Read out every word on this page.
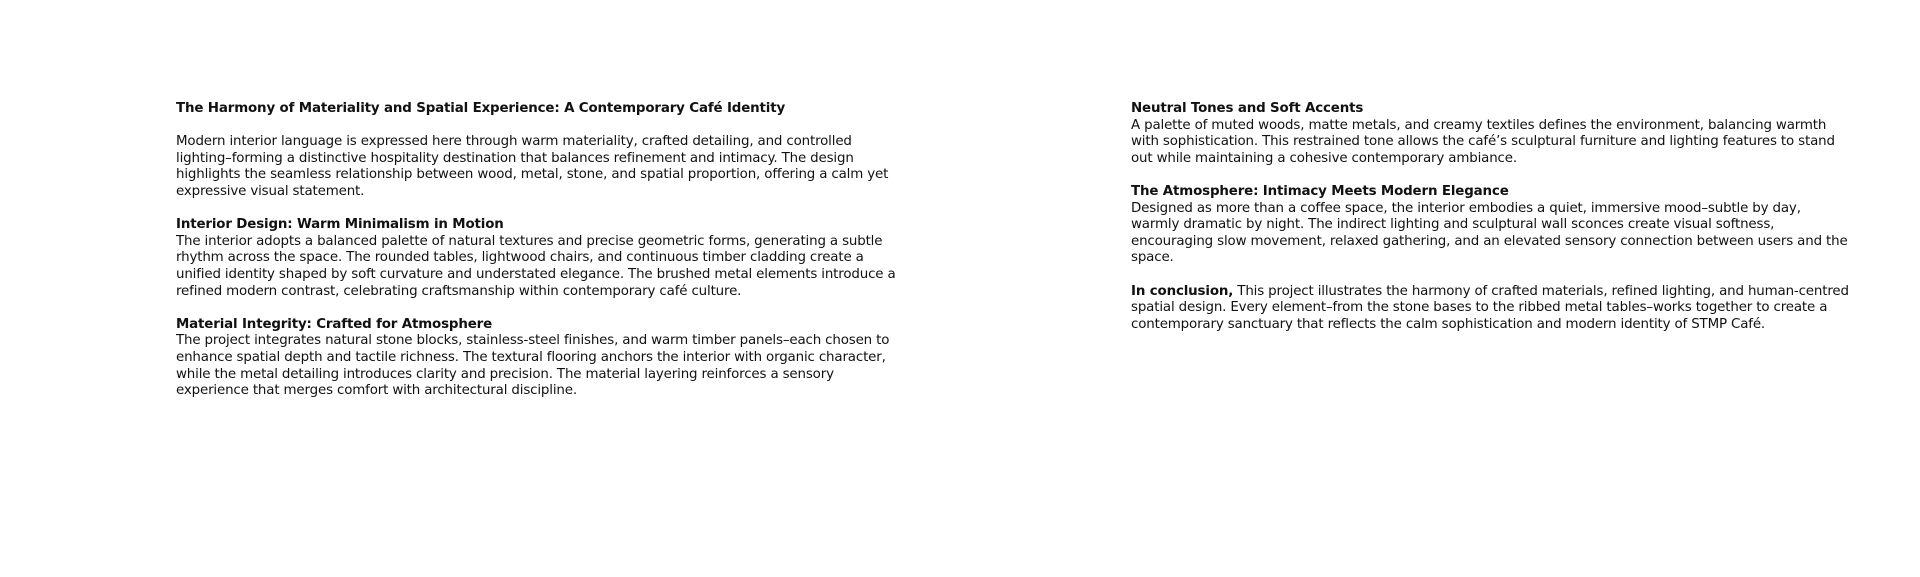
The Harmony of Materiality and Spatial Experience: A Contemporary Café Identity
Modern interior language is expressed here through warm materiality, crafted detailing, and controlled lighting–forming a distinctive hospitality destination that balances refinement and intimacy. The design highlights the seamless relationship between wood, metal, stone, and spatial proportion, offering a calm yet expressive visual statement.
Interior Design: Warm Minimalism in Motion
The interior adopts a balanced palette of natural textures and precise geometric forms, generating a subtle rhythm across the space. The rounded tables, lightwood chairs, and continuous timber cladding create a unified identity shaped by soft curvature and understated elegance. The brushed metal elements introduce a refined modern contrast, celebrating craftsmanship within contemporary café culture.
Material Integrity: Crafted for Atmosphere
The project integrates natural stone blocks, stainless-steel finishes, and warm timber panels–each chosen to enhance spatial depth and tactile richness. The textural flooring anchors the interior with organic character, while the metal detailing introduces clarity and precision. The material layering reinforces a sensory experience that merges comfort with architectural discipline.
Neutral Tones and Soft Accents
A palette of muted woods, matte metals, and creamy textiles defines the environment, balancing warmth with sophistication. This restrained tone allows the café’s sculptural furniture and lighting features to stand out while maintaining a cohesive contemporary ambiance.
The Atmosphere: Intimacy Meets Modern Elegance
Designed as more than a coffee space, the interior embodies a quiet, immersive mood–subtle by day, warmly dramatic by night. The indirect lighting and sculptural wall sconces create visual softness, encouraging slow movement, relaxed gathering, and an elevated sensory connection between users and the space.
In conclusion, This project illustrates the harmony of crafted materials, refined lighting, and human-centred spatial design. Every element–from the stone bases to the ribbed metal tables–works together to create a contemporary sanctuary that reflects the calm sophistication and modern identity of STMP Café.
